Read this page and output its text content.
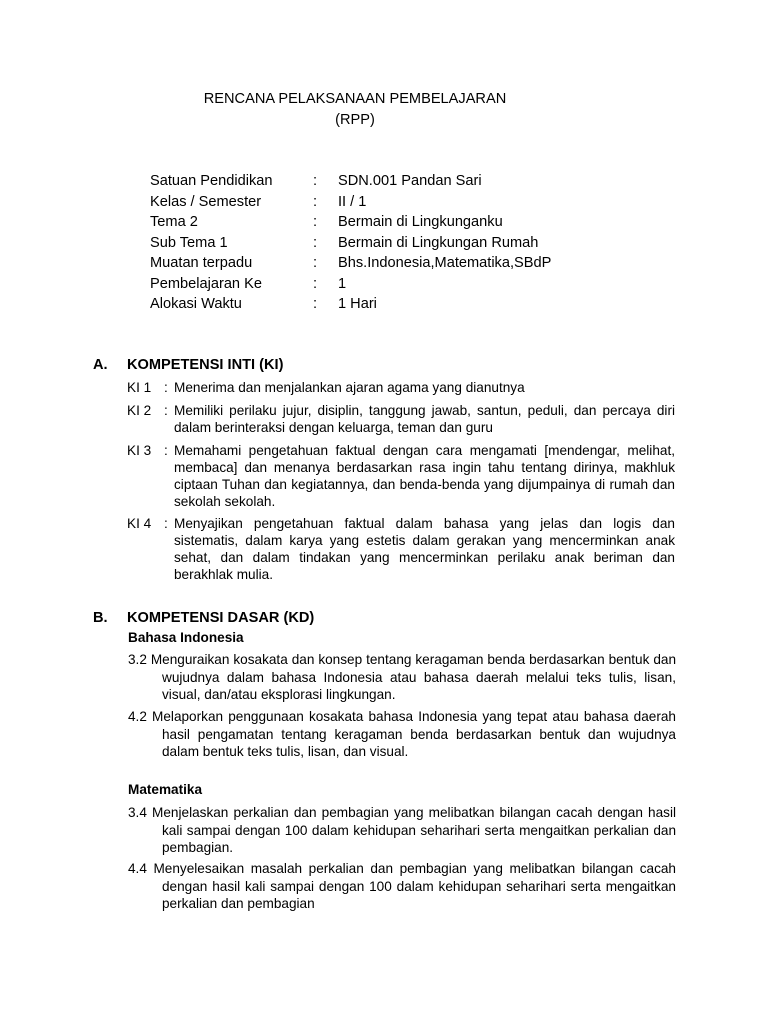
RENCANA PELAKSANAAN PEMBELAJARAN
(RPP)
Satuan Pendidikan	: SDN.001 Pandan Sari
Kelas / Semester	: II / 1
Tema 2	: Bermain di Lingkunganku
Sub Tema 1	: Bermain di Lingkungan Rumah
Muatan terpadu	: Bhs.Indonesia,Matematika,SBdP
Pembelajaran Ke	: 1
Alokasi Waktu	: 1 Hari
A. KOMPETENSI INTI (KI)
KI 1 : Menerima dan menjalankan ajaran agama yang dianutnya
KI 2 : Memiliki perilaku jujur, disiplin, tanggung jawab, santun, peduli, dan percaya diri dalam berinteraksi dengan keluarga, teman dan guru
KI 3 : Memahami pengetahuan faktual dengan cara mengamati [mendengar, melihat, membaca] dan menanya berdasarkan rasa ingin tahu tentang dirinya, makhluk ciptaan Tuhan dan kegiatannya, dan benda-benda yang dijumpainya di rumah dan sekolah sekolah.
KI 4 : Menyajikan pengetahuan faktual dalam bahasa yang jelas dan logis dan sistematis, dalam karya yang estetis dalam gerakan yang mencerminkan anak sehat, dan dalam tindakan yang mencerminkan perilaku anak beriman dan berakhlak mulia.
B. KOMPETENSI DASAR (KD)
Bahasa Indonesia
3.2 Menguraikan kosakata dan konsep tentang keragaman benda berdasarkan bentuk dan wujudnya dalam bahasa Indonesia atau bahasa daerah melalui teks tulis, lisan, visual, dan/atau eksplorasi lingkungan.
4.2 Melaporkan penggunaan kosakata bahasa Indonesia yang tepat atau bahasa daerah hasil pengamatan tentang keragaman benda berdasarkan bentuk dan wujudnya dalam bentuk teks tulis, lisan, dan visual.
Matematika
3.4 Menjelaskan perkalian dan pembagian yang melibatkan bilangan cacah dengan hasil kali sampai dengan 100 dalam kehidupan seharihari serta mengaitkan perkalian dan pembagian.
4.4 Menyelesaikan masalah perkalian dan pembagian yang melibatkan bilangan cacah dengan hasil kali sampai dengan 100 dalam kehidupan seharihari serta mengaitkan perkalian dan pembagian
